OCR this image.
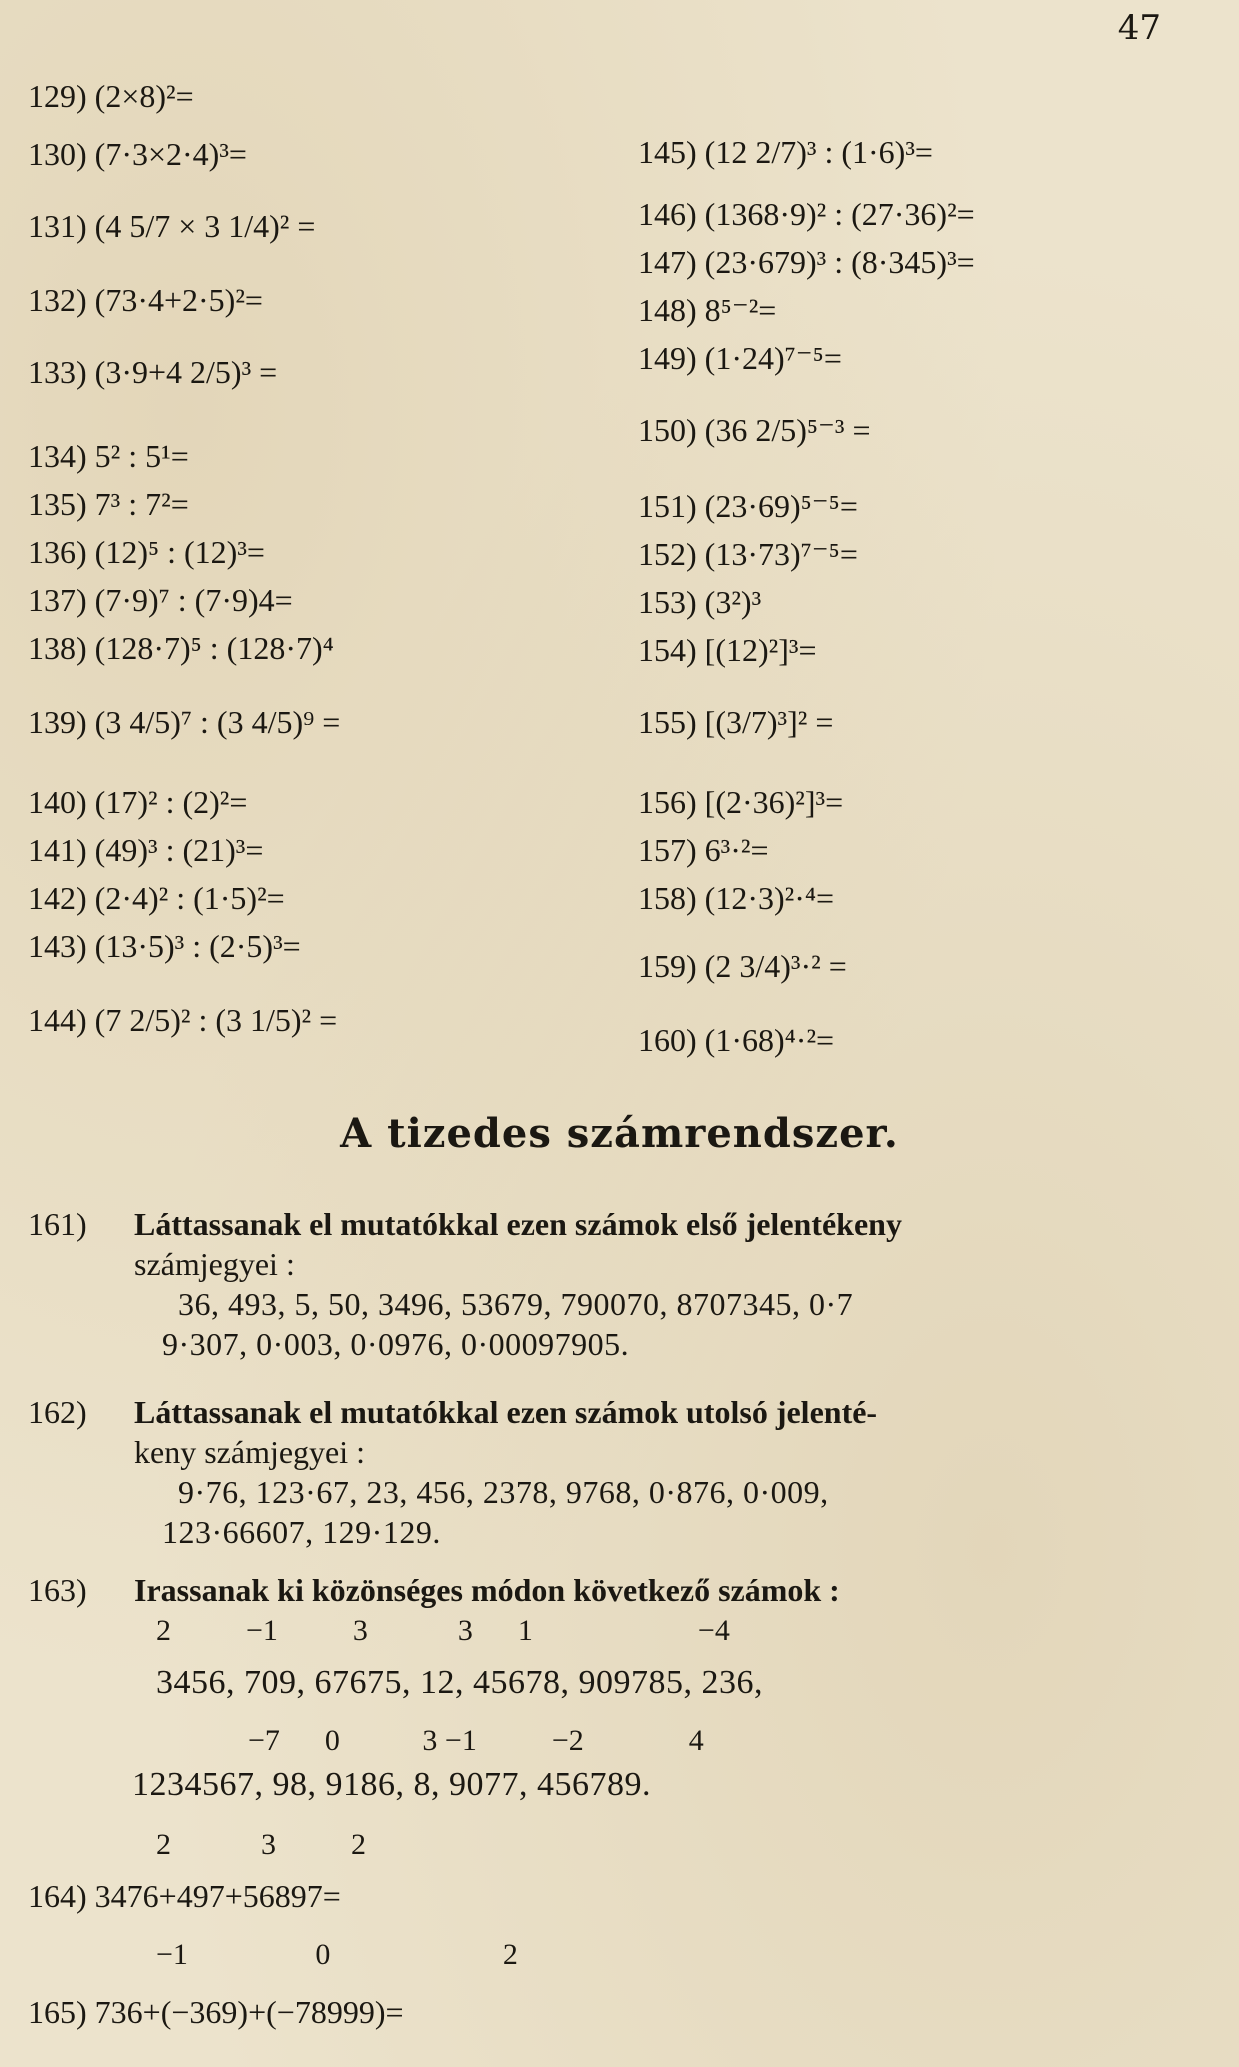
47
129) (2×8)²=
130) (7·3×2·4)³=
131) (4 5/7 × 3 1/4)² =
132) (73·4+2·5)²=
133) (3·9+4 2/5)³ =
134) 5² : 5¹=
135) 7³ : 7²=
136) (12)⁵ : (12)³=
137) (7·9)⁷ : (7·9)4=
138) (128·7)⁵ : (128·7)⁴
139) (3 4/5)⁷ : (3 4/5)⁹ =
140) (17)² : (2)²=
141) (49)³ : (21)³=
142) (2·4)² : (1·5)²=
143) (13·5)³ : (2·5)³=
144) (7 2/5)² : (3 1/5)² =
145) (12 2/7)³ : (1·6)³=
146) (1368·9)² : (27·36)²=
147) (23·679)³ : (8·345)³=
148) 8⁵⁻²=
149) (1·24)⁷⁻⁵=
150) (36 2/5)⁵⁻³ =
151) (23·69)⁵⁻⁵=
152) (13·73)⁷⁻⁵=
153) (3²)³
154) [(12)²]³=
155) [(3/7)³]² =
156) [(2·36)²]³=
157) 6³·²=
158) (12·3)²·⁴=
159) (2 3/4)³·² =
160) (1·68)⁴·²=
A tizedes számrendszer.
161) Láttassanak el mutatókkal ezen számok első jelentékeny
számjegyei :
36, 493, 5, 50, 3496, 53679, 790070, 8707345, 0·7
9·307, 0·003, 0·0976, 0·00097905.
162) Láttassanak el mutatókkal ezen számok utolsó jelenté-
keny számjegyei :
9·76, 123·67, 23, 456, 2378, 9768, 0·876, 0·009,
123·66607, 129·129.
163) Irassanak ki közönséges módon következő számok :
2          −1          3            3      1                      −4
3456, 709, 67675, 12, 45678, 909785, 236,
−7      0           3 −1          −2              4
1234567, 98, 9186, 8, 9077, 456789.
2            3          2
164) 3476+497+56897=
−1                 0                       2
165) 736+(−369)+(−78999)=
